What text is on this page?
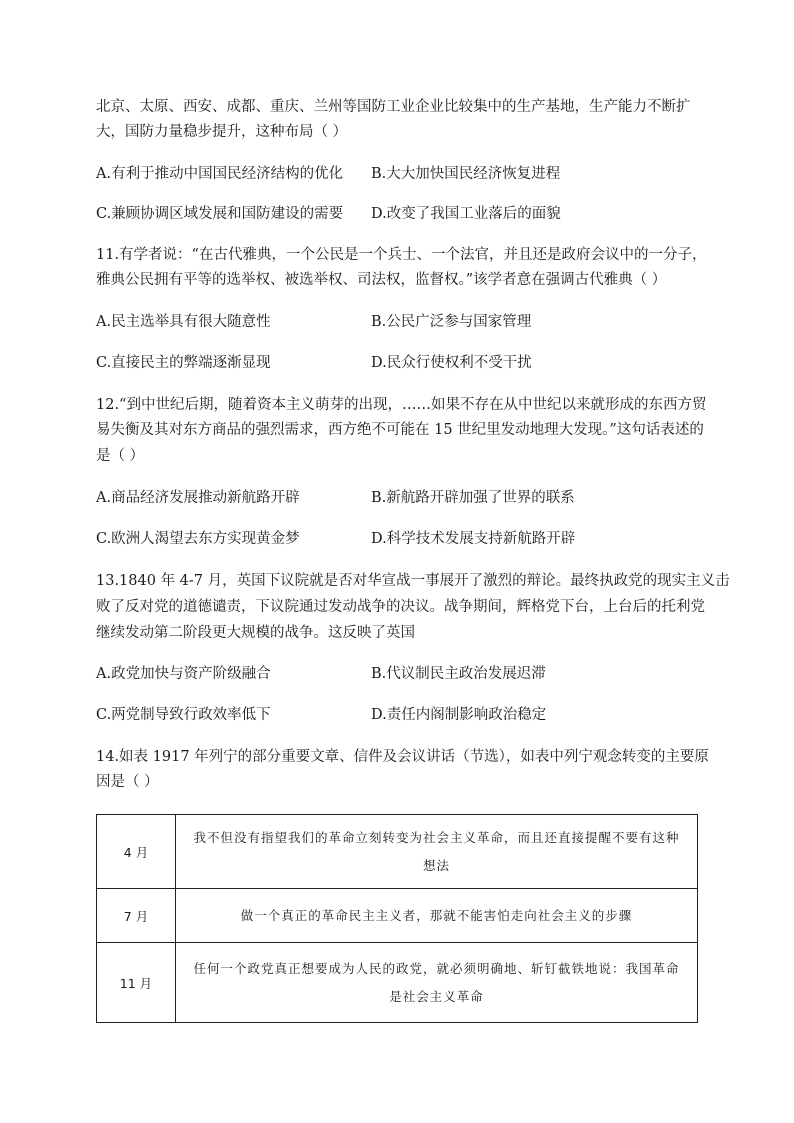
北京、太原、西安、成都、重庆、兰州等国防工业企业比较集中的生产基地，生产能力不断扩
大，国防力量稳步提升，这种布局（ ）
A.有利于推动中国国民经济结构的优化 B.大大加快国民经济恢复进程
C.兼顾协调区域发展和国防建设的需要 D.改变了我国工业落后的面貌
11.有学者说：“在古代雅典，一个公民是一个兵士、一个法官，并且还是政府会议中的一分子，
雅典公民拥有平等的选举权、被选举权、司法权，监督权。”该学者意在强调古代雅典（ ）
A.民主选举具有很大随意性	B.公民广泛参与国家管理
C.直接民主的弊端逐渐显现	D.民众行使权利不受干扰
12.“到中世纪后期，随着资本主义萌芽的出现，……如果不存在从中世纪以来就形成的东西方贸
易失衡及其对东方商品的强烈需求，西方绝不可能在 15 世纪里发动地理大发现。”这句话表述的
是（ ）
A.商品经济发展推动新航路开辟	B.新航路开辟加强了世界的联系
C.欧洲人渴望去东方实现黄金梦	D.科学技术发展支持新航路开辟
13.1840 年 4-7 月，英国下议院就是否对华宣战一事展开了激烈的辩论。最终执政党的现实主义击
败了反对党的道德谴责，下议院通过发动战争的决议。战争期间，辉格党下台，上台后的托利党
继续发动第二阶段更大规模的战争。这反映了英国
A.政党加快与资产阶级融合	B.代议制民主政治发展迟滞
C.两党制导致行政效率低下	D.责任内阁制影响政治稳定
14.如表 1917 年列宁的部分重要文章、信件及会议讲话（节选），如表中列宁观念转变的主要原
因是（ ）
4 月	我不但没有指望我们的革命立刻转变为社会主义革命，而且还直接提醒不要有这种
想法

7 月	做一个真正的革命民主主义者，那就不能害怕走向社会主义的步骤

11 月	任何一个政党真正想要成为人民的政党，就必须明确地、斩钉截铁地说：我国革命
是社会主义革命
